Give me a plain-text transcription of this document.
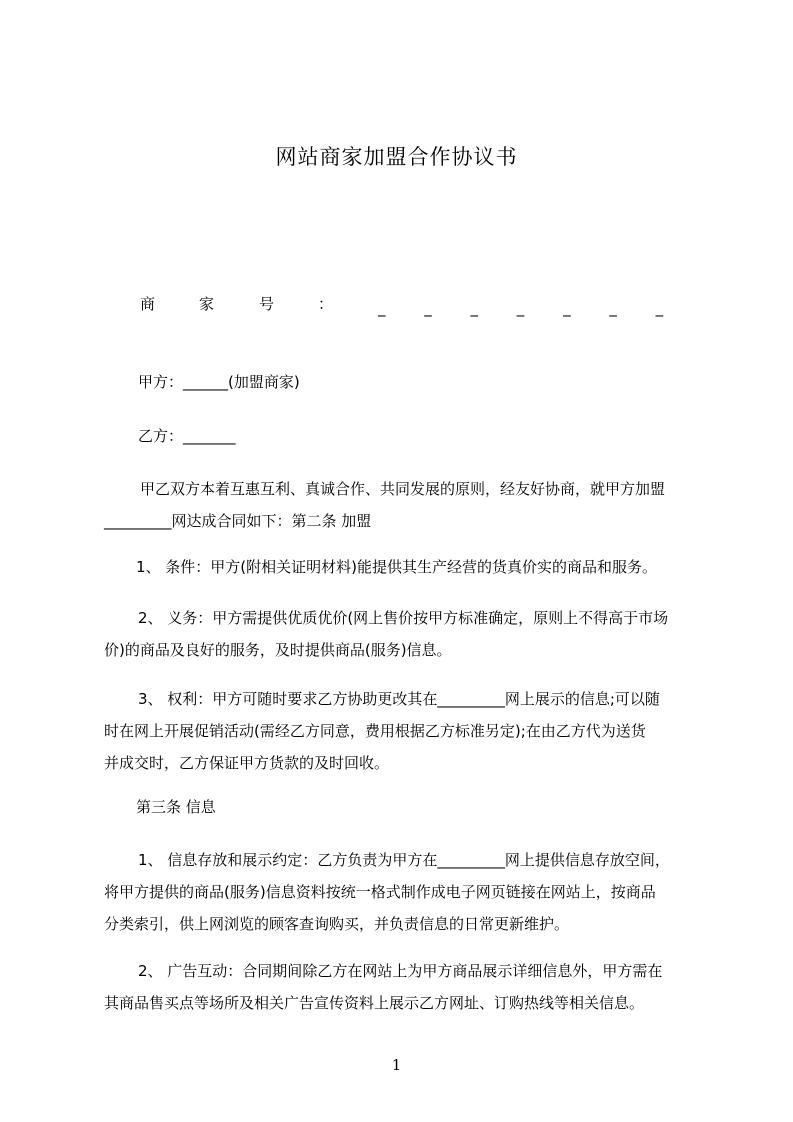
网站商家加盟合作协议书
商	家	号	：	_ _ _ _ _ _ _
甲方：______(加盟商家)
乙方：_______
甲乙双方本着互惠互利、真诚合作、共同发展的原则，经友好协商，就甲方加盟
_________网达成合同如下：第二条 加盟
1、 条件：甲方(附相关证明材料)能提供其生产经营的货真价实的商品和服务。
2、 义务：甲方需提供优质优价(网上售价按甲方标准确定，原则上不得高于市场
价)的商品及良好的服务，及时提供商品(服务)信息。
3、 权利：甲方可随时要求乙方协助更改其在_________网上展示的信息;可以随
时在网上开展促销活动(需经乙方同意，费用根据乙方标准另定);在由乙方代为送货
并成交时，乙方保证甲方货款的及时回收。
第三条 信息
1、 信息存放和展示约定：乙方负责为甲方在_________网上提供信息存放空间，
将甲方提供的商品(服务)信息资料按统一格式制作成电子网页链接在网站上，按商品
分类索引，供上网浏览的顾客查询购买，并负责信息的日常更新维护。
2、 广告互动：合同期间除乙方在网站上为甲方商品展示详细信息外，甲方需在
其商品售买点等场所及相关广告宣传资料上展示乙方网址、订购热线等相关信息。
1
